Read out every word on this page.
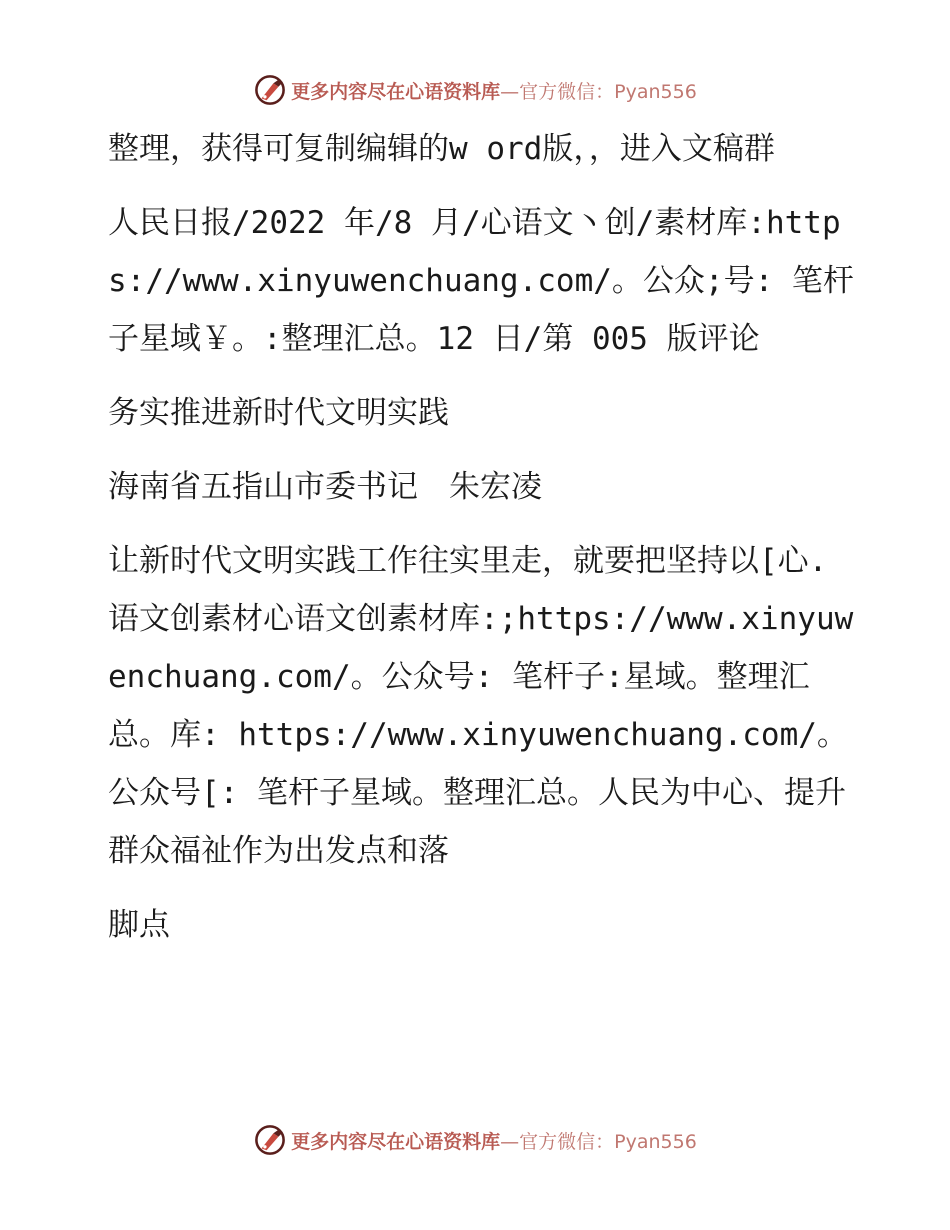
更多内容尽在心语资料库 —官方微信：Pyan556

整理，获得可复制编辑的w ord版，，进入文稿群

人民日报/2022 年/8 月/心语文丶创/素材库:https://www.xinyuwenchuang.com/。公众;号: 笔杆子星域￥。:整理汇总。12 日/第 005 版评论

务实推进新时代文明实践

海南省五指山市委书记　朱宏凌

让新时代文明实践工作往实里走，就要把坚持以[心.语文创素材心语文创素材库:;https://www.xinyuwenchuang.com/。公众号: 笔杆子:星域。整理汇总。库: https://www.xinyuwenchuang.com/。公众号[: 笔杆子星域。整理汇总。人民为中心、提升群众福祉作为出发点和落

脚点

更多内容尽在心语资料库 —官方微信：Pyan556
